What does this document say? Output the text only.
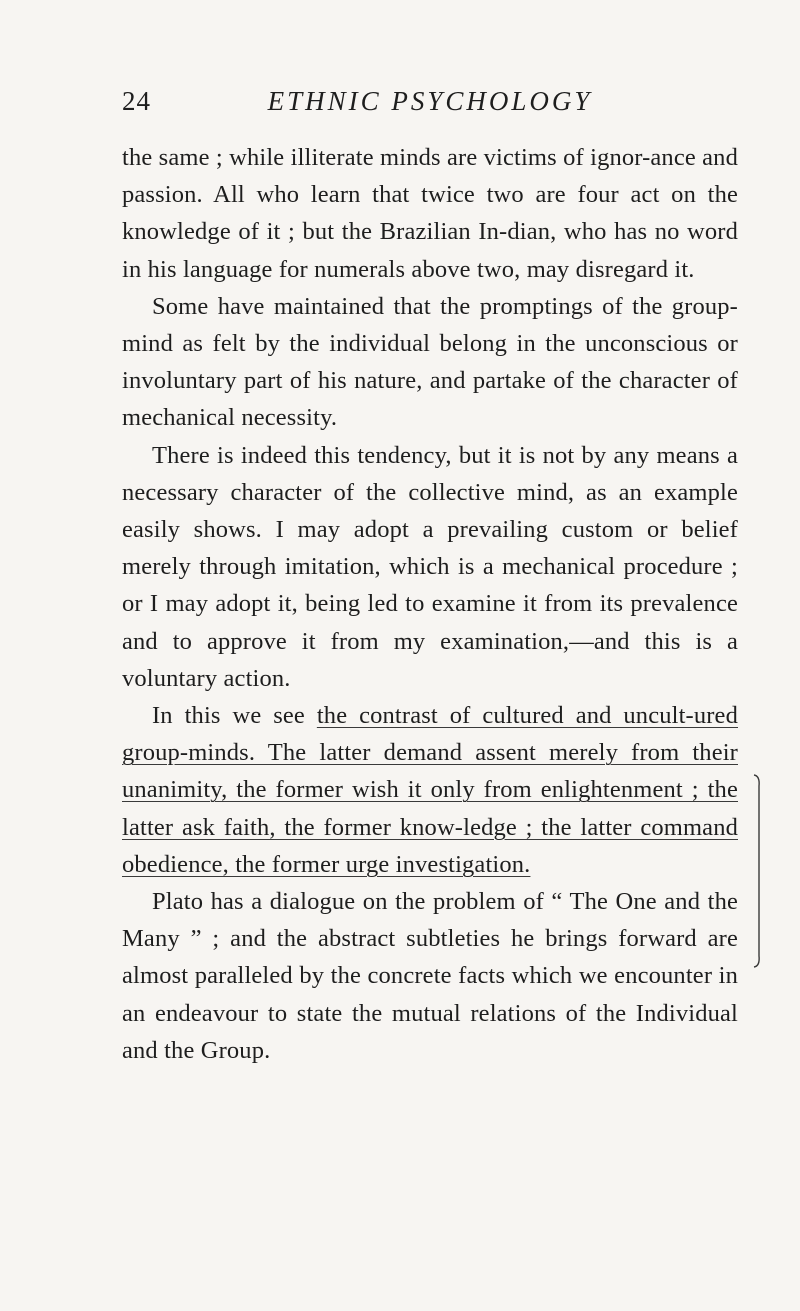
24	ETHNIC PSYCHOLOGY

the same ; while illiterate minds are victims of ignor-ance and passion. All who learn that twice two are four act on the knowledge of it ; but the Brazilian In-dian, who has no word in his language for numerals above two, may disregard it.

Some have maintained that the promptings of the group-mind as felt by the individual belong in the unconscious or involuntary part of his nature, and partake of the character of mechanical necessity.

There is indeed this tendency, but it is not by any means a necessary character of the collective mind, as an example easily shows. I may adopt a prevailing custom or belief merely through imitation, which is a mechanical procedure ; or I may adopt it, being led to examine it from its prevalence and to approve it from my examination,—and this is a voluntary action.

In this we see the contrast of cultured and uncult-ured group-minds. The latter demand assent merely from their unanimity, the former wish it only from enlightenment ; the latter ask faith, the former know-ledge ; the latter command obedience, the former urge investigation.

Plato has a dialogue on the problem of “ The One and the Many ” ; and the abstract subtleties he brings forward are almost paralleled by the concrete facts which we encounter in an endeavour to state the mutual relations of the Individual and the Group.
